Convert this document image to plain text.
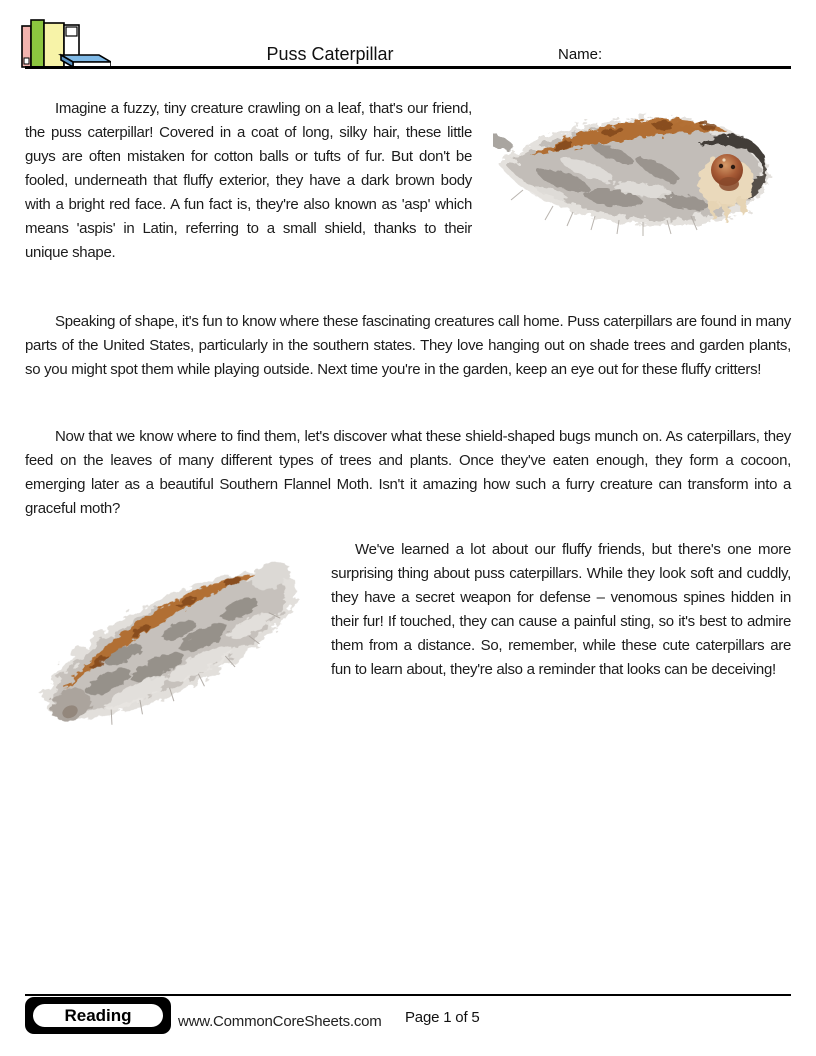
Puss Caterpillar	Name:

Imagine a fuzzy, tiny creature crawling on a leaf, that's our friend, the puss caterpillar! Covered in a coat of long, silky hair, these little guys are often mistaken for cotton balls or tufts of fur. But don't be fooled, underneath that fluffy exterior, they have a dark brown body with a bright red face. A fun fact is, they're also known as 'asp' which means 'aspis' in Latin, referring to a small shield, thanks to their unique shape.

Speaking of shape, it's fun to know where these fascinating creatures call home. Puss caterpillars are found in many parts of the United States, particularly in the southern states. They love hanging out on shade trees and garden plants, so you might spot them while playing outside. Next time you're in the garden, keep an eye out for these fluffy critters!

Now that we know where to find them, let's discover what these shield-shaped bugs munch on. As caterpillars, they feed on the leaves of many different types of trees and plants. Once they've eaten enough, they form a cocoon, emerging later as a beautiful Southern Flannel Moth. Isn't it amazing how such a furry creature can transform into a graceful moth?

We've learned a lot about our fluffy friends, but there's one more surprising thing about puss caterpillars. While they look soft and cuddly, they have a secret weapon for defense – venomous spines hidden in their fur! If touched, they can cause a painful sting, so it's best to admire them from a distance. So, remember, while these cute caterpillars are fun to learn about, they're also a reminder that looks can be deceiving!

Reading	www.CommonCoreSheets.com Page 1 of 5
